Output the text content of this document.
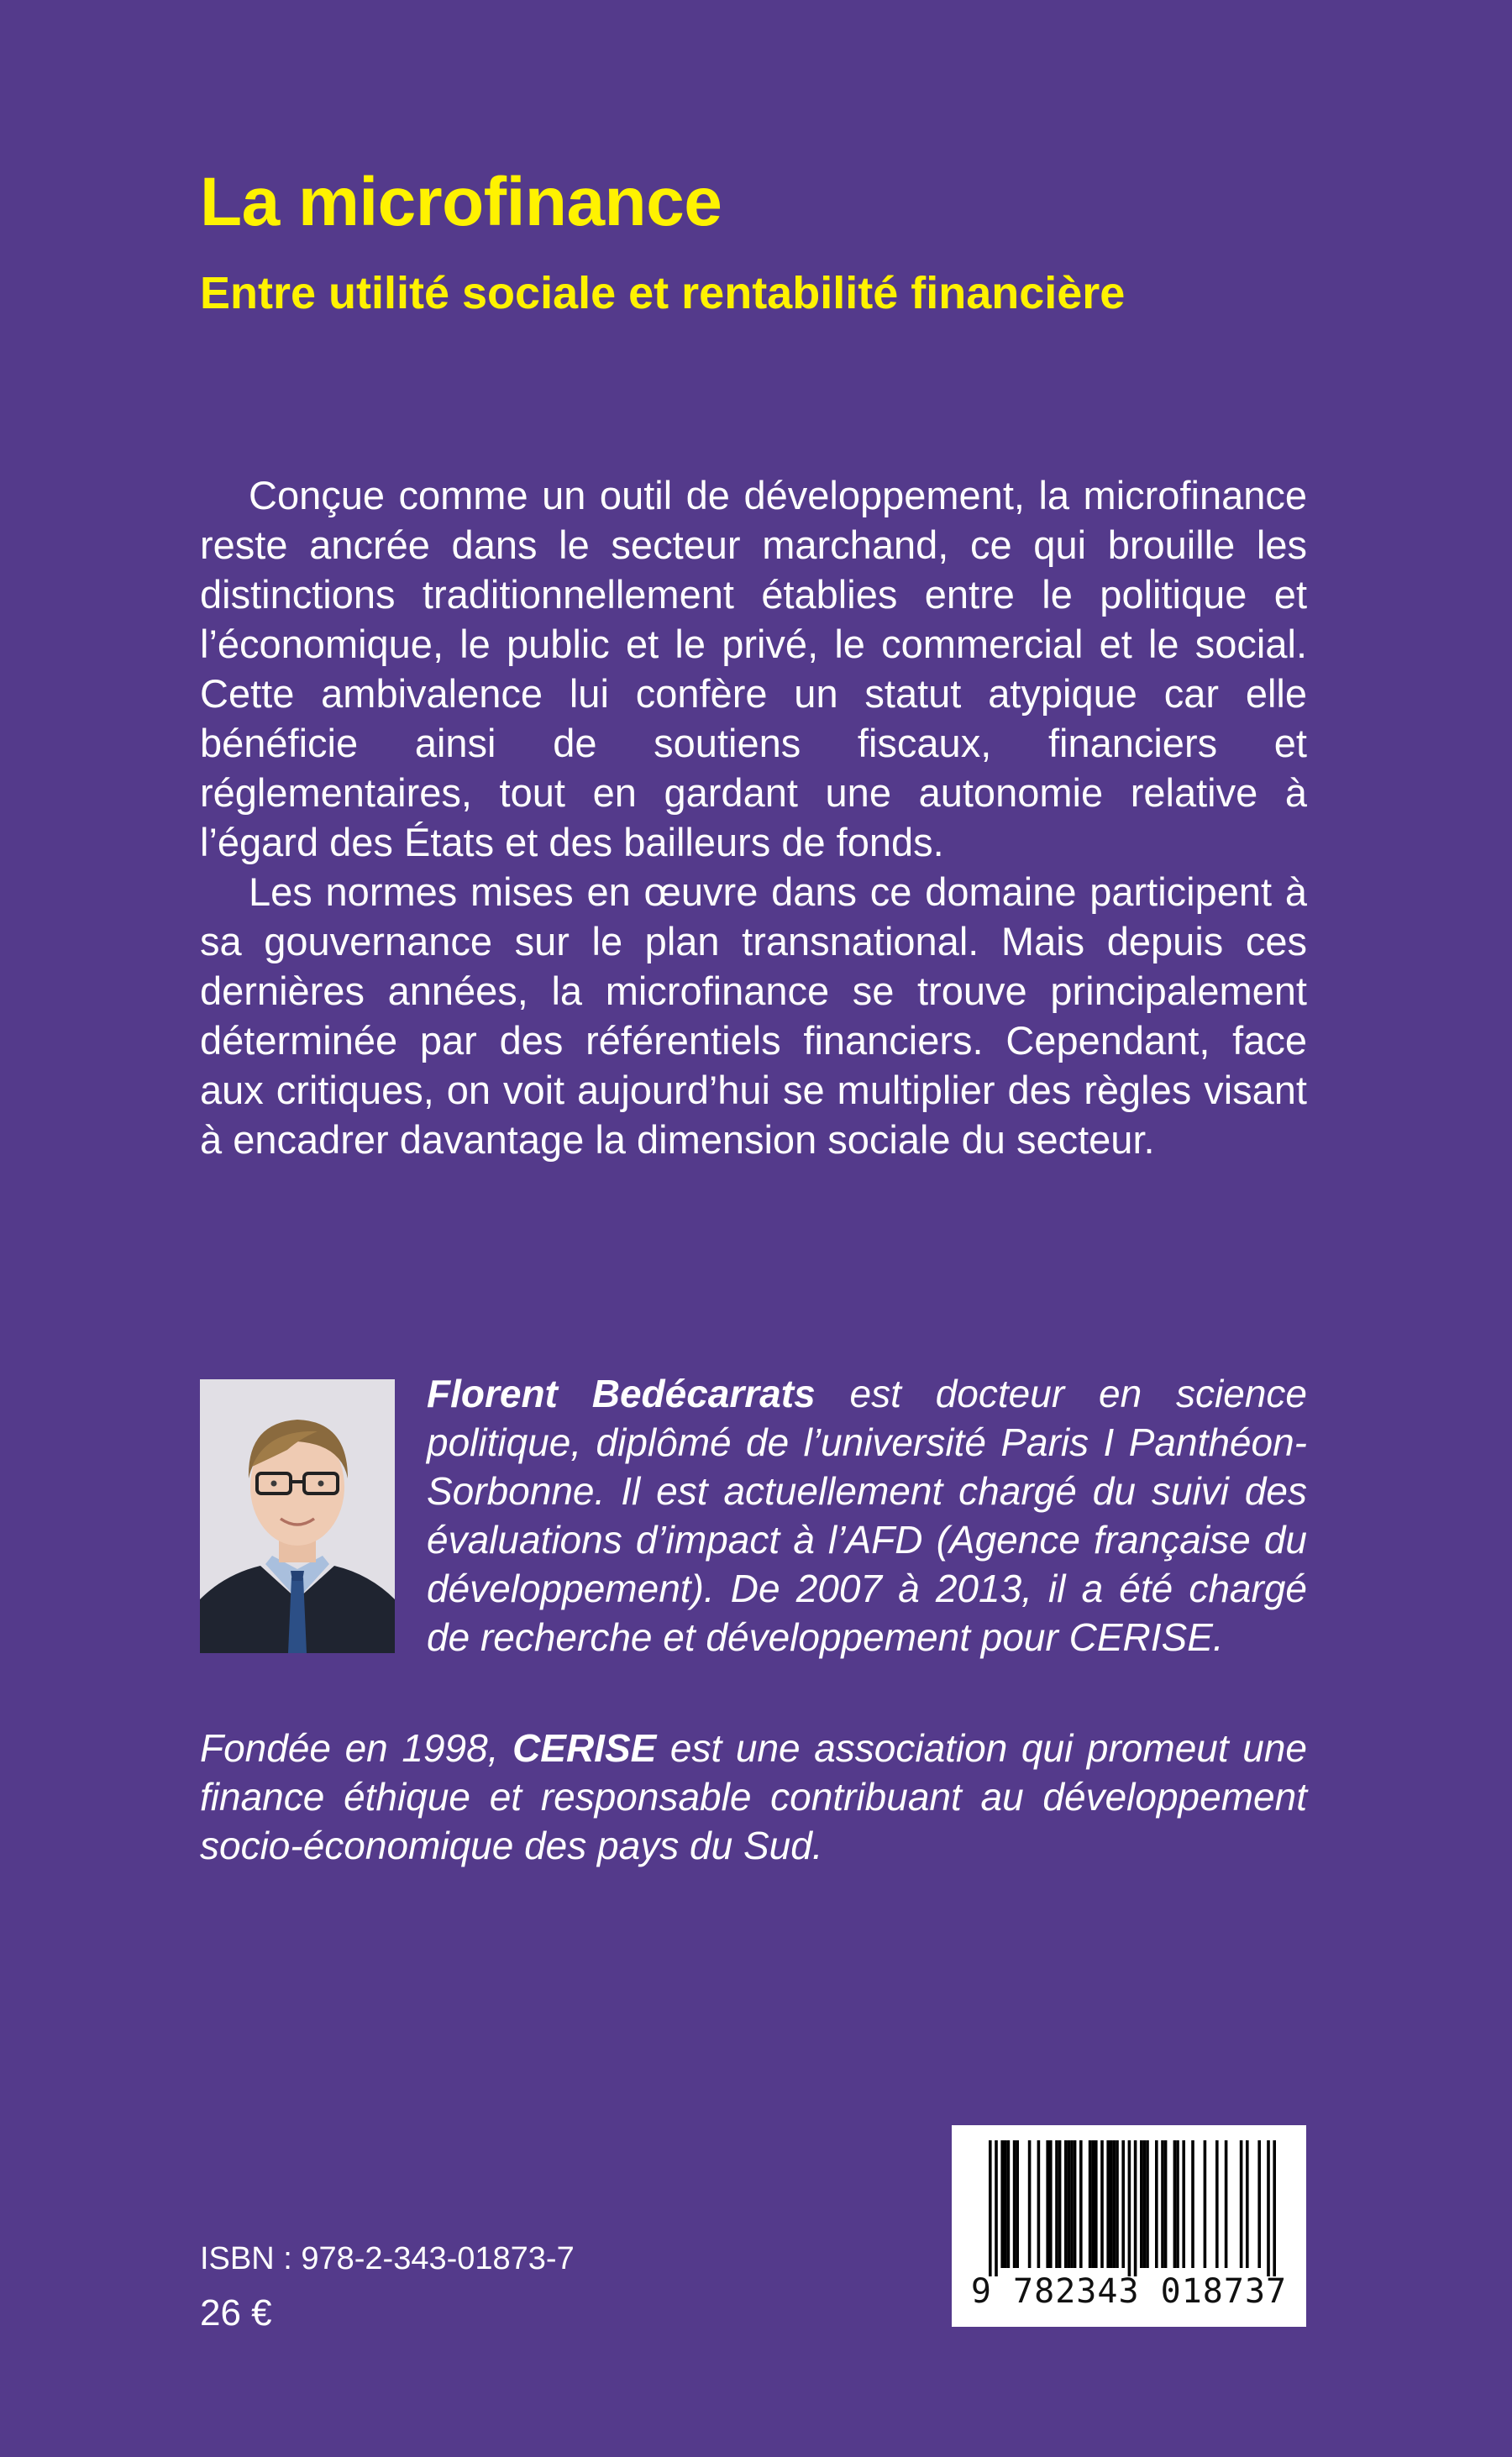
La microfinance
Entre utilité sociale et rentabilité financière

Conçue comme un outil de développement, la microfinance reste ancrée dans le secteur marchand, ce qui brouille les distinctions traditionnellement établies entre le politique et l’économique, le public et le privé, le commercial et le social. Cette ambivalence lui confère un statut atypique car elle bénéficie ainsi de soutiens fiscaux, financiers et réglementaires, tout en gardant une autonomie relative à l’égard des États et des bailleurs de fonds.

Les normes mises en œuvre dans ce domaine participent à sa gouvernance sur le plan transnational. Mais depuis ces dernières années, la microfinance se trouve principalement déterminée par des référentiels financiers. Cependant, face aux critiques, on voit aujourd’hui se multiplier des règles visant à encadrer davantage la dimension sociale du secteur.

Florent Bedécarrats est docteur en science politique, diplômé de l’université Paris I Panthéon-Sorbonne. Il est actuellement chargé du suivi des évaluations d’impact à l’AFD (Agence française du développement). De 2007 à 2013, il a été chargé de recherche et développement pour CERISE.

Fondée en 1998, CERISE est une association qui promeut une finance éthique et responsable contribuant au développement socio-économique des pays du Sud.

ISBN : 978-2-343-01873-7

26 €

9 782343 018737
